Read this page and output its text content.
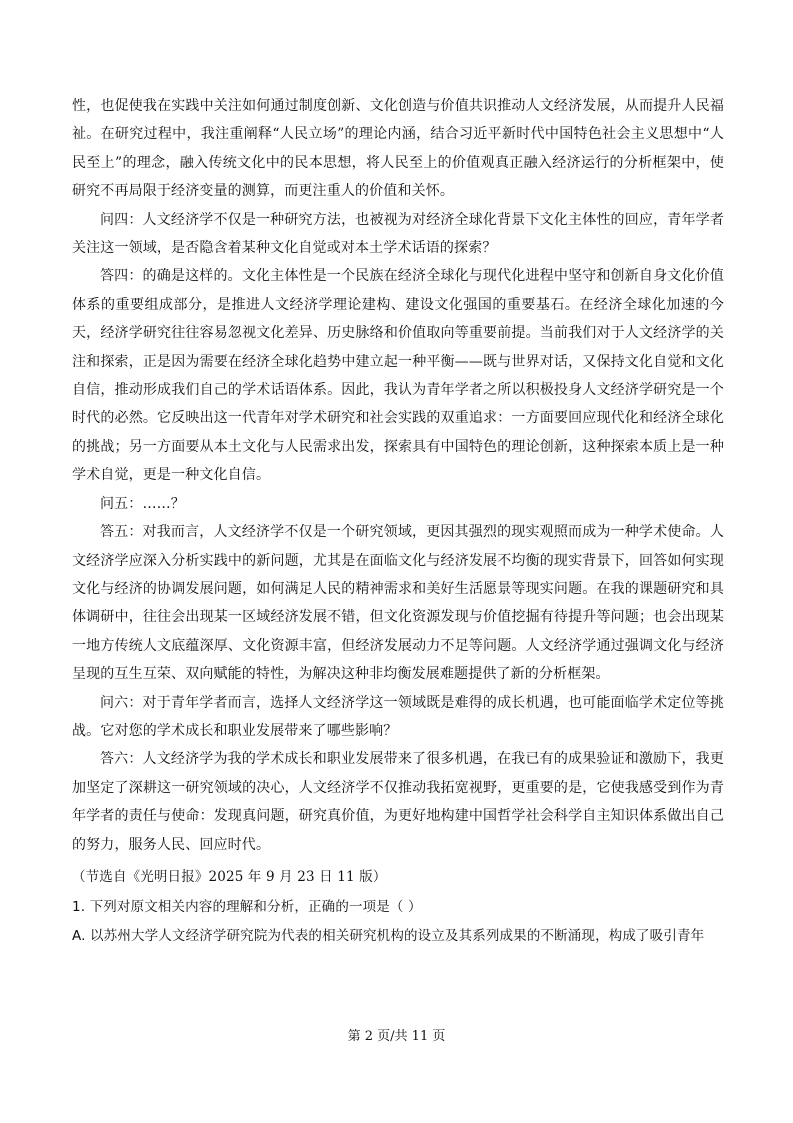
性，也促使我在实践中关注如何通过制度创新、文化创造与价值共识推动人文经济发展，从而提升人民福祉。在研究过程中，我注重阐释“人民立场”的理论内涵，结合习近平新时代中国特色社会主义思想中“人民至上”的理念，融入传统文化中的民本思想，将人民至上的价值观真正融入经济运行的分析框架中，使研究不再局限于经济变量的测算，而更注重人的价值和关怀。

问四：人文经济学不仅是一种研究方法，也被视为对经济全球化背景下文化主体性的回应，青年学者关注这一领域，是否隐含着某种文化自觉或对本土学术话语的探索？

答四：的确是这样的。文化主体性是一个民族在经济全球化与现代化进程中坚守和创新自身文化价值体系的重要组成部分，是推进人文经济学理论建构、建设文化强国的重要基石。在经济全球化加速的今天，经济学研究往往容易忽视文化差异、历史脉络和价值取向等重要前提。当前我们对于人文经济学的关注和探索，正是因为需要在经济全球化趋势中建立起一种平衡——既与世界对话，又保持文化自觉和文化自信，推动形成我们自己的学术话语体系。因此，我认为青年学者之所以积极投身人文经济学研究是一个时代的必然。它反映出这一代青年对学术研究和社会实践的双重追求：一方面要回应现代化和经济全球化的挑战；另一方面要从本土文化与人民需求出发，探索具有中国特色的理论创新，这种探索本质上是一种学术自觉，更是一种文化自信。

问五：……？

答五：对我而言，人文经济学不仅是一个研究领域，更因其强烈的现实观照而成为一种学术使命。人文经济学应深入分析实践中的新问题，尤其是在面临文化与经济发展不均衡的现实背景下，回答如何实现文化与经济的协调发展问题，如何满足人民的精神需求和美好生活愿景等现实问题。在我的课题研究和具体调研中，往往会出现某一区域经济发展不错，但文化资源发现与价值挖掘有待提升等问题；也会出现某一地方传统人文底蕴深厚、文化资源丰富，但经济发展动力不足等问题。人文经济学通过强调文化与经济呈现的互生互荣、双向赋能的特性，为解决这种非均衡发展难题提供了新的分析框架。

问六：对于青年学者而言，选择人文经济学这一领域既是难得的成长机遇，也可能面临学术定位等挑战。它对您的学术成长和职业发展带来了哪些影响？

答六：人文经济学为我的学术成长和职业发展带来了很多机遇，在我已有的成果验证和激励下，我更加坚定了深耕这一研究领域的决心，人文经济学不仅推动我拓宽视野，更重要的是，它使我感受到作为青年学者的责任与使命：发现真问题，研究真价值，为更好地构建中国哲学社会科学自主知识体系做出自己的努力，服务人民、回应时代。

（节选自《光明日报》2025 年 9 月 23 日 11 版）

1. 下列对原文相关内容的理解和分析，正确的一项是（ ）

A. 以苏州大学人文经济学研究院为代表的相关研究机构的设立及其系列成果的不断涌现，构成了吸引青年

第 2 页/共 11 页
